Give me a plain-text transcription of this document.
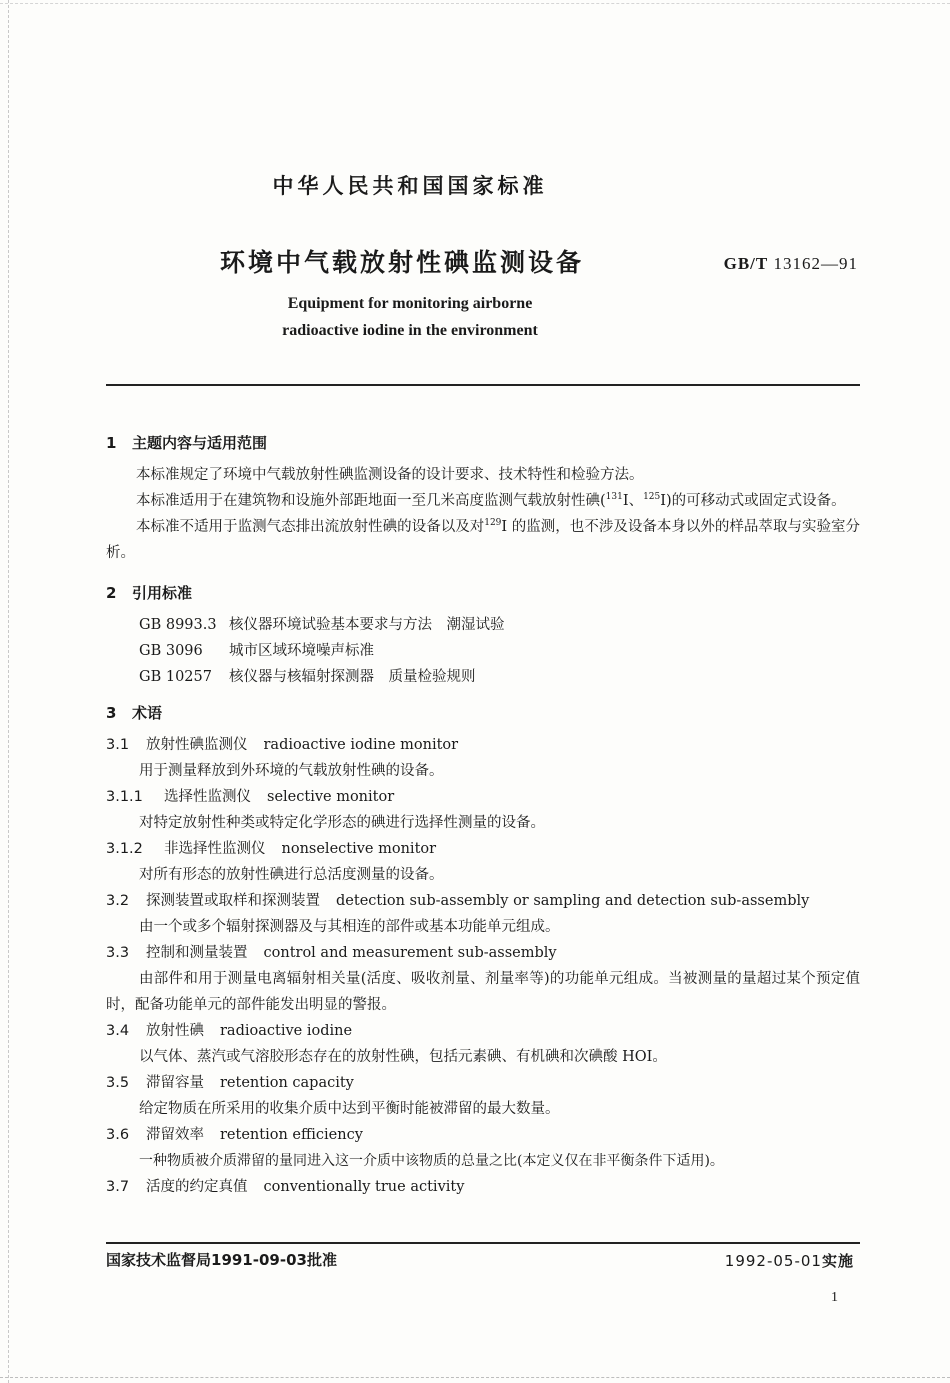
中华人民共和国国家标准
环境中气载放射性碘监测设备	GB/T 13162—91
Equipment for monitoring airborne
radioactive iodine in the environment
1 主题内容与适用范围
本标准规定了环境中气载放射性碘监测设备的设计要求、技术特性和检验方法。
本标准适用于在建筑物和设施外部距地面一至几米高度监测气载放射性碘($^{131}$I、$^{125}$I)的可移动式或固定式设备。
本标准不适用于监测气态排出流放射性碘的设备以及对$^{129}$I 的监测，也不涉及设备本身以外的样品萃取与实验室分析。
2 引用标准
GB 8993.3 核仪器环境试验基本要求与方法　潮湿试验
GB 3096 城市区域环境噪声标准
GB 10257 核仪器与核辐射探测器　质量检验规则
3 术语
3.1 放射性碘监测仪 radioactive iodine monitor
用于测量释放到外环境的气载放射性碘的设备。
3.1.1 选择性监测仪 selective monitor
对特定放射性种类或特定化学形态的碘进行选择性测量的设备。
3.1.2 非选择性监测仪 nonselective monitor
对所有形态的放射性碘进行总活度测量的设备。
3.2 探测装置或取样和探测装置 detection sub-assembly or sampling and detection sub-assembly
由一个或多个辐射探测器及与其相连的部件或基本功能单元组成。
3.3 控制和测量装置 control and measurement sub-assembly
由部件和用于测量电离辐射相关量(活度、吸收剂量、剂量率等)的功能单元组成。当被测量的量超过某个预定值时，配备功能单元的部件能发出明显的警报。
3.4 放射性碘 radioactive iodine
以气体、蒸汽或气溶胶形态存在的放射性碘，包括元素碘、有机碘和次碘酸 HOI。
3.5 滞留容量 retention capacity
给定物质在所采用的收集介质中达到平衡时能被滞留的最大数量。
3.6 滞留效率 retention efficiency
一种物质被介质滞留的量同进入这一介质中该物质的总量之比(本定义仅在非平衡条件下适用)。
3.7 活度的约定真值 conventionally true activity
国家技术监督局1991-09-03批准	1992-05-01实施
1
